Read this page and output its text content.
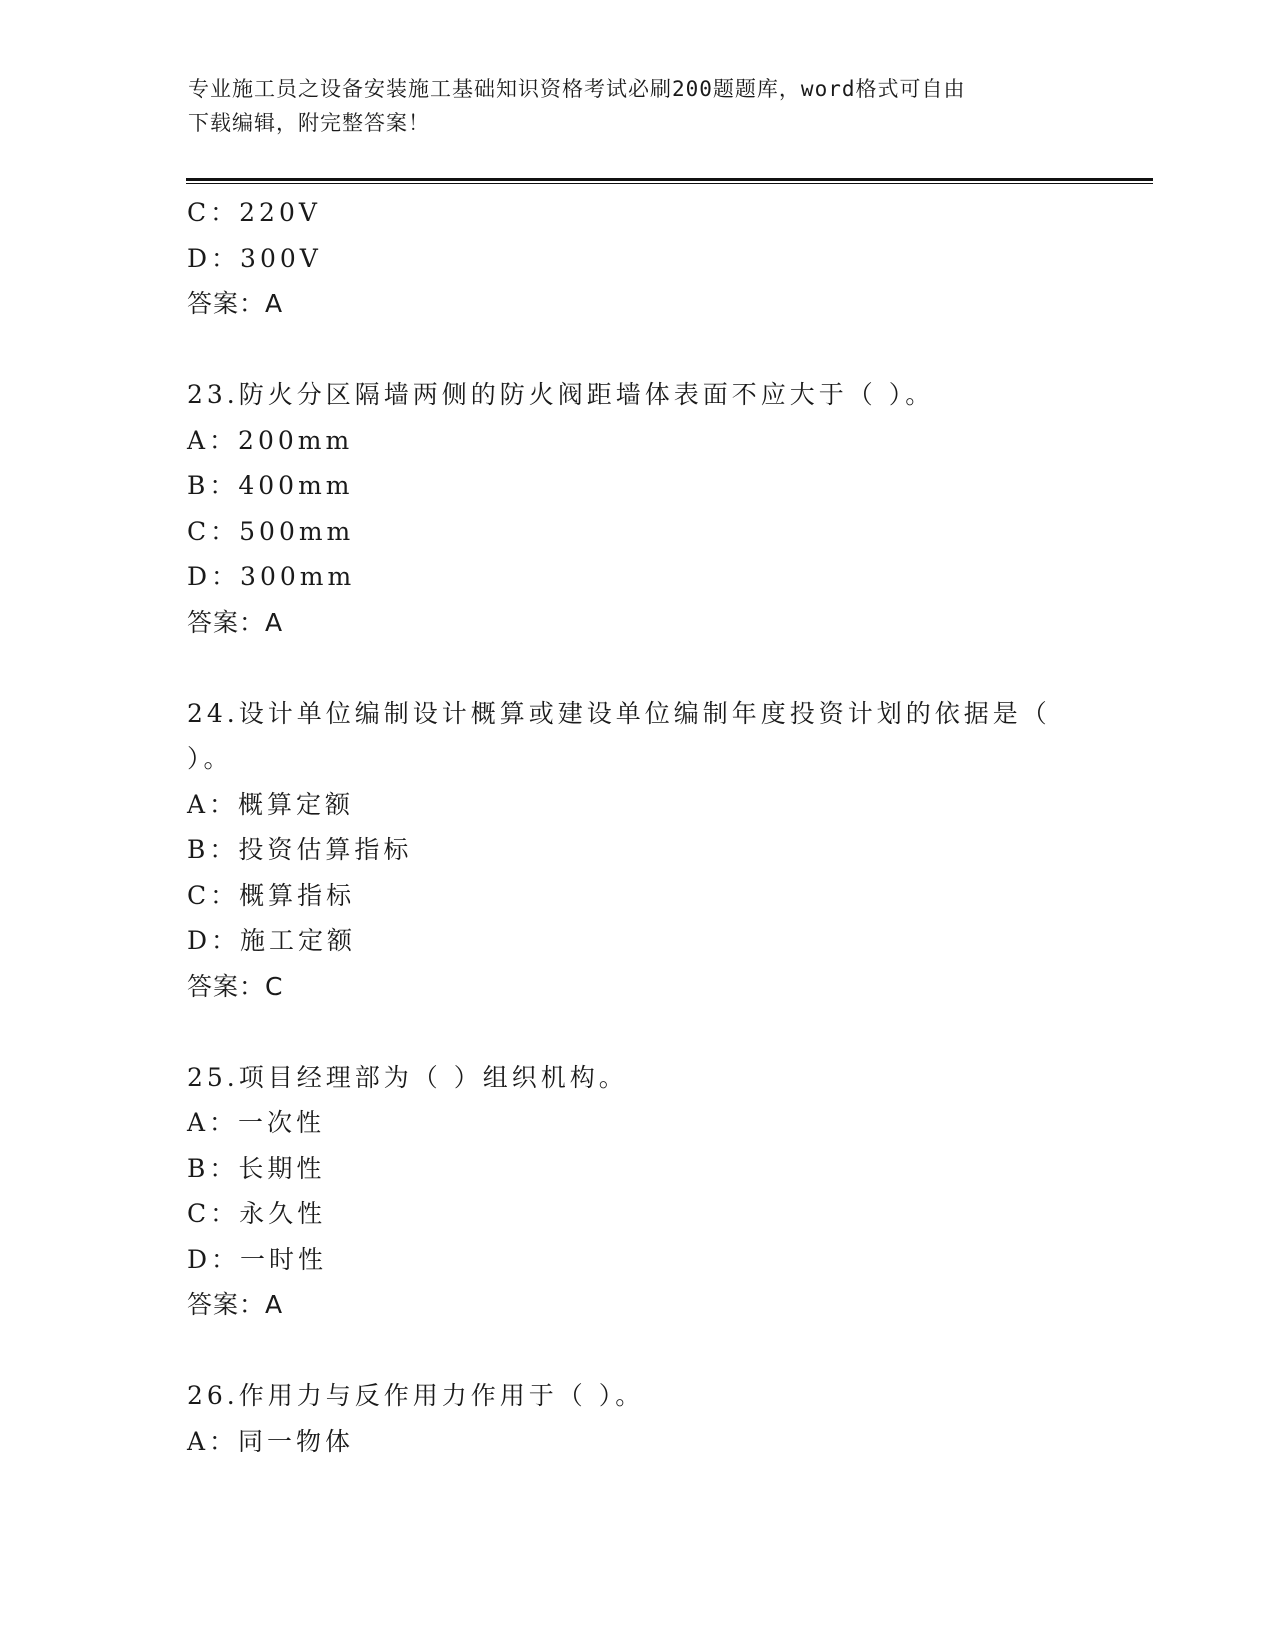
专业施工员之设备安装施工基础知识资格考试必刷200题题库，word格式可自由
下载编辑，附完整答案！
C：220V
D：300V
答案：A
23.防火分区隔墙两侧的防火阀距墙体表面不应大于（ ）。
A：200mm
B：400mm
C：500mm
D：300mm
答案：A
24.设计单位编制设计概算或建设单位编制年度投资计划的依据是（
）。
A：概算定额
B：投资估算指标
C：概算指标
D：施工定额
答案：C
25.项目经理部为（ ）组织机构。
A：一次性
B：长期性
C：永久性
D：一时性
答案：A
26.作用力与反作用力作用于（ ）。
A：同一物体
